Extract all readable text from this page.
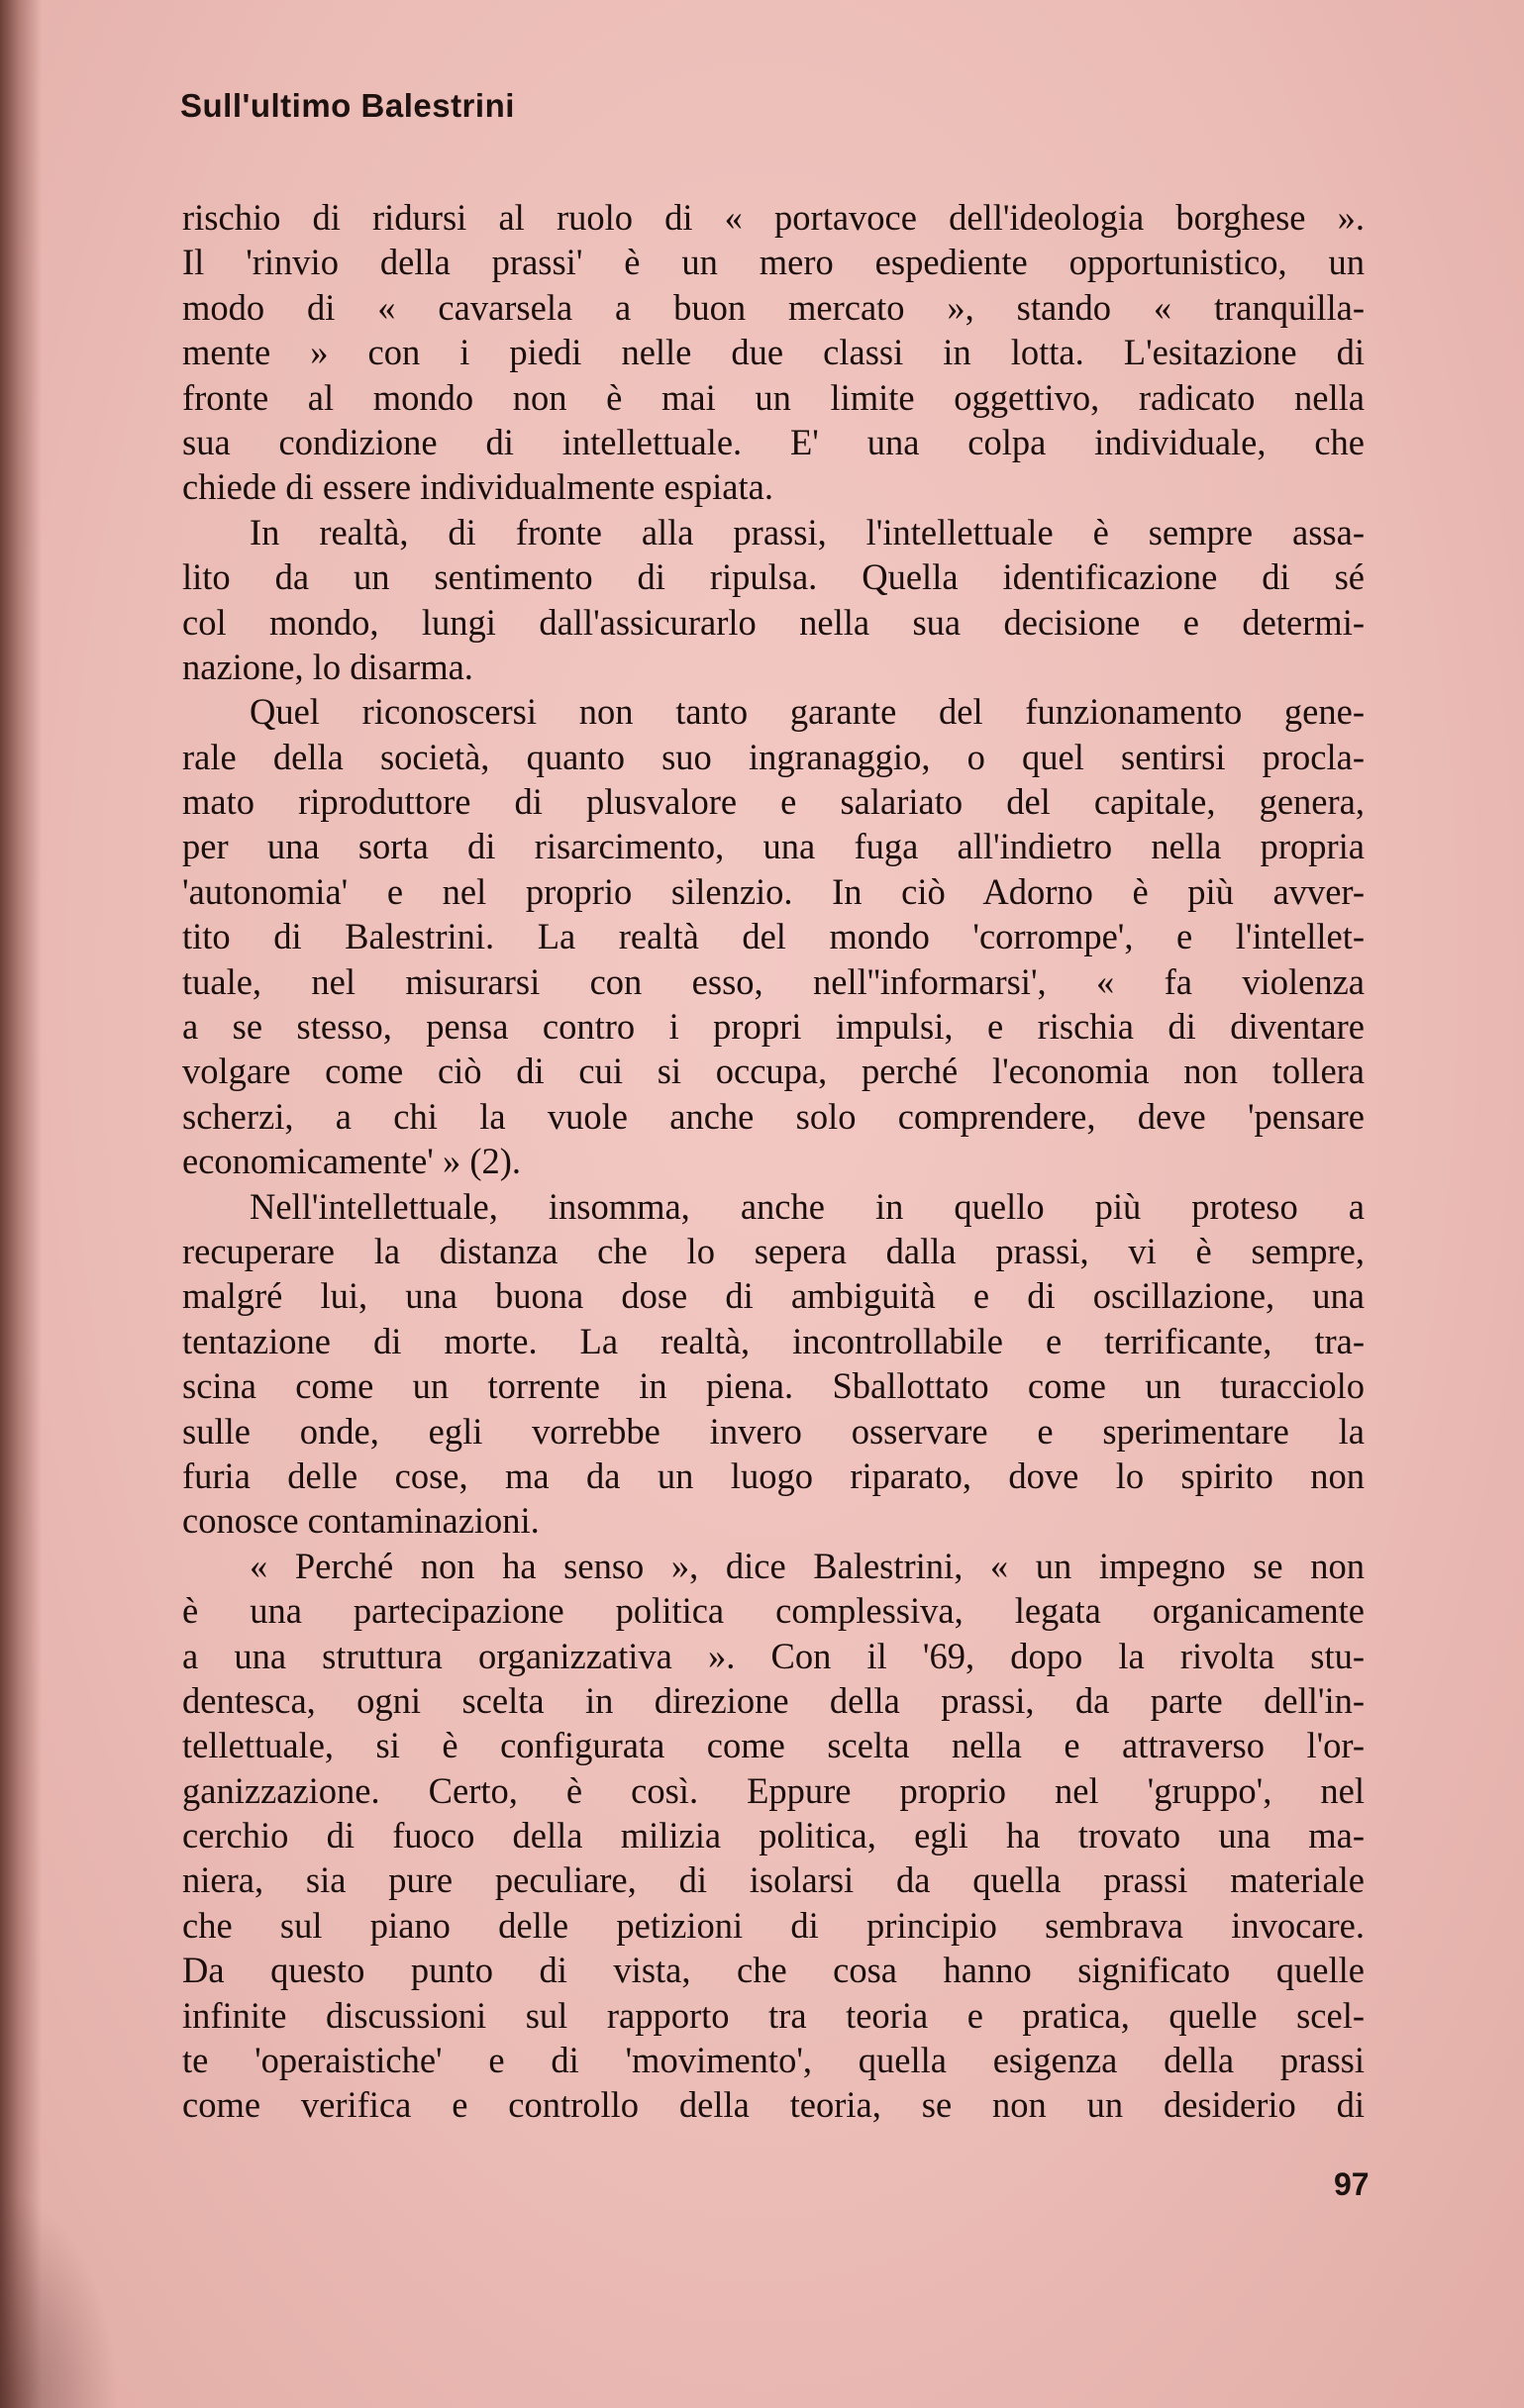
Sull'ultimo Balestrini

rischio di ridursi al ruolo di « portavoce dell'ideologia borghese ».

Il 'rinvio della prassi' è un mero espediente opportunistico, un

modo di « cavarsela a buon mercato », stando « tranquilla-

mente » con i piedi nelle due classi in lotta. L'esitazione di

fronte al mondo non è mai un limite oggettivo, radicato nella

sua condizione di intellettuale. E' una colpa individuale, che

chiede di essere individualmente espiata.

In realtà, di fronte alla prassi, l'intellettuale è sempre assa-

lito da un sentimento di ripulsa. Quella identificazione di sé

col mondo, lungi dall'assicurarlo nella sua decisione e determi-

nazione, lo disarma.

Quel riconoscersi non tanto garante del funzionamento gene-

rale della società, quanto suo ingranaggio, o quel sentirsi procla-

mato riproduttore di plusvalore e salariato del capitale, genera,

per una sorta di risarcimento, una fuga all'indietro nella propria

'autonomia' e nel proprio silenzio. In ciò Adorno è più avver-

tito di Balestrini. La realtà del mondo 'corrompe', e l'intellet-

tuale, nel misurarsi con esso, nell''informarsi', « fa violenza

a se stesso, pensa contro i propri impulsi, e rischia di diventare

volgare come ciò di cui si occupa, perché l'economia non tollera

scherzi, a chi la vuole anche solo comprendere, deve 'pensare

economicamente' » (2).

Nell'intellettuale, insomma, anche in quello più proteso a

recuperare la distanza che lo sepera dalla prassi, vi è sempre,

malgré lui, una buona dose di ambiguità e di oscillazione, una

tentazione di morte. La realtà, incontrollabile e terrificante, tra-

scina come un torrente in piena. Sballottato come un turacciolo

sulle onde, egli vorrebbe invero osservare e sperimentare la

furia delle cose, ma da un luogo riparato, dove lo spirito non

conosce contaminazioni.

« Perché non ha senso », dice Balestrini, « un impegno se non

è una partecipazione politica complessiva, legata organicamente

a una struttura organizzativa ». Con il '69, dopo la rivolta stu-

dentesca, ogni scelta in direzione della prassi, da parte dell'in-

tellettuale, si è configurata come scelta nella e attraverso l'or-

ganizzazione. Certo, è così. Eppure proprio nel 'gruppo', nel

cerchio di fuoco della milizia politica, egli ha trovato una ma-

niera, sia pure peculiare, di isolarsi da quella prassi materiale

che sul piano delle petizioni di principio sembrava invocare.

Da questo punto di vista, che cosa hanno significato quelle

infinite discussioni sul rapporto tra teoria e pratica, quelle scel-

te 'operaistiche' e di 'movimento', quella esigenza della prassi

come verifica e controllo della teoria, se non un desiderio di

97
